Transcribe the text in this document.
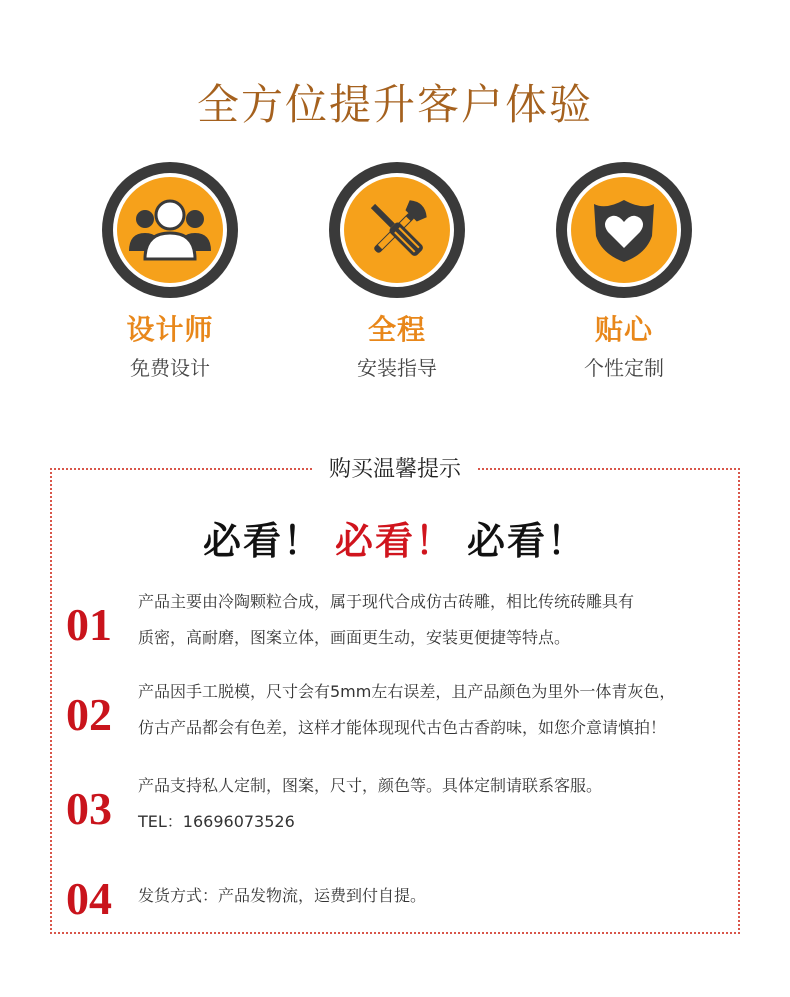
全方位提升客户体验
设计师
免费设计
全程
安装指导
贴心
个性定制
购买温馨提示
必看！ 必看！ 必看！
01 产品主要由冷陶颗粒合成，属于现代合成仿古砖雕，相比传统砖雕具有
质密，高耐磨，图案立体，画面更生动，安装更便捷等特点。
02 产品因手工脱模，尺寸会有5mm左右误差，且产品颜色为里外一体青灰色，
仿古产品都会有色差，这样才能体现现代古色古香韵味，如您介意请慎拍！
03 产品支持私人定制，图案，尺寸，颜色等。具体定制请联系客服。
TEL：16696073526
04 发货方式：产品发物流，运费到付自提。
